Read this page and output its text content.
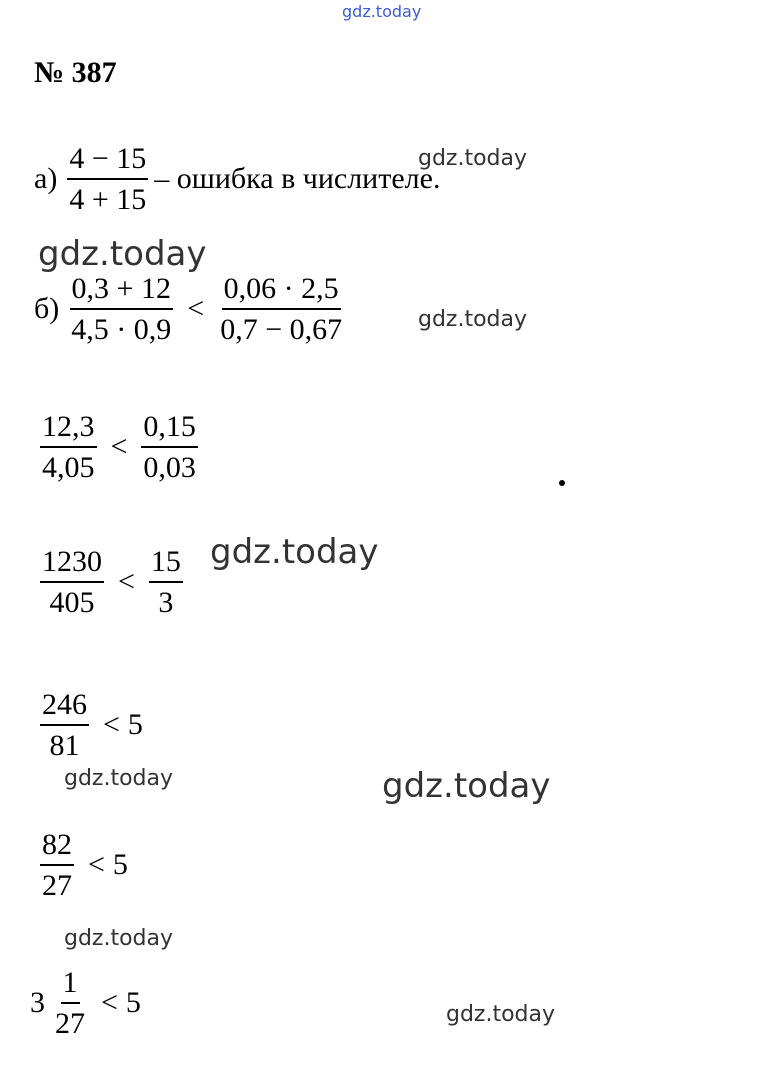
gdz.today
gdz.today
gdz.today
gdz.today
gdz.today
gdz.today	gdz.today
gdz.today
gdz.today
№ 387
$а) \frac{4 - 15}{4 + 15}$ – ошибка в числителе.
$б) \frac{0,3 + 12}{4,5 \cdot 0,9} < \frac{0,06 \cdot 2,5}{0,7 - 0,67}$
$\frac{12,3}{4,05} < \frac{0,15}{0,03}$
$\frac{1230}{405} < \frac{15}{3}$
$\frac{246}{81} < 5$
$\frac{82}{27} < 5$
$3 \frac{1}{27} < 5$
